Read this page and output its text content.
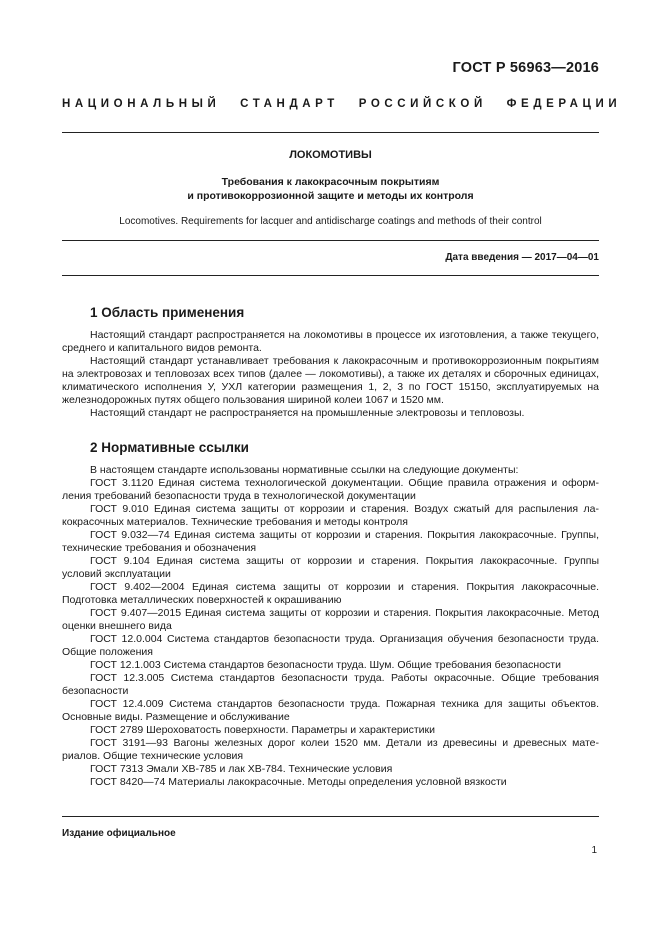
ГОСТ Р 56963—2016
НАЦИОНАЛЬНЫЙ СТАНДАРТ РОССИЙСКОЙ ФЕДЕРАЦИИ
ЛОКОМОТИВЫ
Требования к лакокрасочным покрытиям
и противокоррозионной защите и методы их контроля
Locomotives. Requirements for lacquer and antidischarge coatings and methods of their control
Дата введения — 2017—04—01
1 Область применения

Настоящий стандарт распространяется на локомотивы в процессе их изготовления, а также текущего, среднего и капитального видов ремонта.

Настоящий стандарт устанавливает требования к лакокрасочным и противокоррозионным покрытиям на электровозах и тепловозах всех типов (далее — локомотивы), а также их деталях и сборочных единицах, климатического исполнения У, УХЛ категории размещения 1, 2, 3 по ГОСТ 15150, эксплуатируемых на железнодорожных путях общего пользования шириной колеи 1067 и 1520 мм.

Настоящий стандарт не распространяется на промышленные электровозы и тепловозы.

2 Нормативные ссылки

В настоящем стандарте использованы нормативные ссылки на следующие документы:

ГОСТ 3.1120 Единая система технологической документации. Общие правила отражения и оформления требований безопасности труда в технологической документации

ГОСТ 9.010 Единая система защиты от коррозии и старения. Воздух сжатый для распыления лакокрасочных материалов. Технические требования и методы контроля

ГОСТ 9.032—74 Единая система защиты от коррозии и старения. Покрытия лакокрасочные. Группы, технические требования и обозначения

ГОСТ 9.104 Единая система защиты от коррозии и старения. Покрытия лакокрасочные. Группы условий эксплуатации

ГОСТ 9.402—2004 Единая система защиты от коррозии и старения. Покрытия лакокрасочные. Подготовка металлических поверхностей к окрашиванию

ГОСТ 9.407—2015 Единая система защиты от коррозии и старения. Покрытия лакокрасочные. Метод оценки внешнего вида

ГОСТ 12.0.004 Система стандартов безопасности труда. Организация обучения безопасности труда. Общие положения

ГОСТ 12.1.003 Система стандартов безопасности труда. Шум. Общие требования безопасности

ГОСТ 12.3.005 Система стандартов безопасности труда. Работы окрасочные. Общие требования безопасности

ГОСТ 12.4.009 Система стандартов безопасности труда. Пожарная техника для защиты объектов. Основные виды. Размещение и обслуживание

ГОСТ 2789 Шероховатость поверхности. Параметры и характеристики

ГОСТ 3191—93 Вагоны железных дорог колеи 1520 мм. Детали из древесины и древесных материалов. Общие технические условия

ГОСТ 7313 Эмали ХВ-785 и лак ХВ-784. Технические условия

ГОСТ 8420—74 Материалы лакокрасочные. Методы определения условной вязкости

Издание официальное
1
